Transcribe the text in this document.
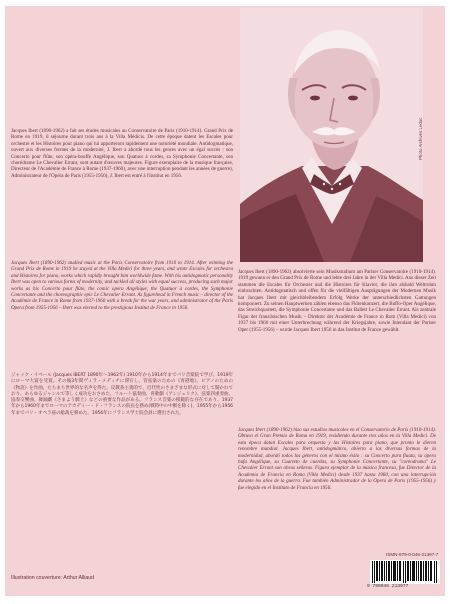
Jacques Ibert (1890-1962) a fait ses études musicales au Conservatoire de Paris (1910-1914). Grand Prix de Rome en 1919, il séjourne durant trois ans à la Villa Médicis. De cette époque datent les Escales pour orchestre et les Histoires pour piano qui lui apporteront rapidement une notoriété mondiale. Antidogmatique, ouvert aux diverses formes de la modernité, J. Ibert a abordé tous les genres avec un égal succès : son Concerto pour flûte, son opéra-bouffe Angélique, son Quatuor à cordes, sa Symphonie Concertante, son chorédrame Le Chevalier Errant, sont autant d'œuvres majeures. Figure exemplaire de la musique française, Directeur de l'Académie de France à Rome (1937-1960), avec une interruption pendant les années de guerre), Administrateur de l'Opéra de Paris (1955-1956), J. Ibert est entré à l'Institut en 1956.

Jacques Ibert (1890-1962) studied music at the Paris Conservatoire from 1910 to 1914. After winning the Grand Prix de Rome in 1919 he stayed at the Villa Medici for three years, and wrote Escales for orchestra and Histoires for piano, works which rapidly brought him worldwide fame. With his antidogmatic personality Ibert was open to various forms of modernity, and tackled all styles with equal success, producing such major works as his Concerto pour flûte, the comic opera Angélique, the Quatuor à cordes, the Symphonie Concertante and the choreographic epic Le Chevalier Errant. As figurehead in French music – director of the Académie de France in Rome from 1937-1960 with a break for the war years, and administrator of the Paris Opera from 1955-1956 – Ibert was elected to the prestigious Institut de France in 1956.

ジャック・イベール (Jacques IBERT 1890年～1962年) 1910年から1914年までパリ音楽院で学び、1919年にローマ大賞を受賞。その後3年間ヴィラ・メディチに滞在し、管弦楽のための《寄港地》、ピアノのための《物語》を作曲、たちまち世界的な名声を得た。反教条主義的で、近代性のさまざまな形式に対して開かれており、あらゆるジャンルで等しく成功をおさめた。フルート協奏曲、喜歌劇《アンジェリク》、弦楽四重奏曲、協奏交響曲、舞踊劇《さまよう騎士》などの重要な作品がある。フランス音楽の模範的な存在であり、1937年から1960年までローマのアカデミー・ド・フランスの院長を務め(戦時中の中断を除く)、1955年から1956年までパリ・オペラ座の総裁を務めた。1956年にフランス学士院会員に選出された。

Jacques Ibert (1890-1962) absolvierte sein Musikstudium am Pariser Conservatoire (1910-1914). 1919 gewann er den Grand Prix de Rome und lebte drei Jahre in der Villa Medici. Aus dieser Zeit stammen die Escales für Orchester und die Histoires für Klavier, die ihm alsbald Weltruhm einbrachten. Antidogmatisch und offen für die vielfältigen Ausprägungen der Modernen Musik hat Jacques Ibert mit gleichbleibendem Erfolg Werke der unterschiedlichsten Gattungen komponiert. Zu seinen Hauptwerken zählen ebenso das Flötenkonzert, die Buffo-Oper Angélique, das Streichquartett, die Symphonie Concertante und das Ballett Le Chevalier Errant. Als zentrale Figur der französischen Musik – Direktor der Académie de France in Rom (Villa Medici) von 1937 bis 1960 mit einer Unterbrechung während der Kriegsjahre, sowie Intendant der Pariser Oper (1955-1956) – wurde Jacques Ibert 1956 in das Institut de France gewählt.

Jacques Ibert (1890-1962) hizo sus estudios musicales en el Conservatorio de París (1910-1914). Obtuvo el Gran Premio de Roma en 1919, residiendo durante tres años en la Villa Medici. De esta época datan Escales para orquesta y las Histoires para piano, que pronto le dieron renombre mundial. Jacques Ibert, antidogmático, abierto a las diversas formas de la modernidad, abordó todos los géneros con el mismo éxito : su Concerto para flauta, su ópera bufa Angélique, su Cuarteto de cuerdas, su Symphonie Concertante, su "coreodrama" Le Chevalier Errant son obras señeras. Figura ejemplar de la música francesa, fue Director de la Academia de Francia en Roma (Villa Medici) desde 1937 hasta 1960, con una interrupción durante los años de la guerra. Fue también Administrador de la Opera de Paris (1955-1956) y fue elegido en el Instituto de Francia en 1956.

Photo Archives Leduc
ISMN-979-0-046-21397-7
9 790046 213977
Illustration couverture: Arthur Alliaud
